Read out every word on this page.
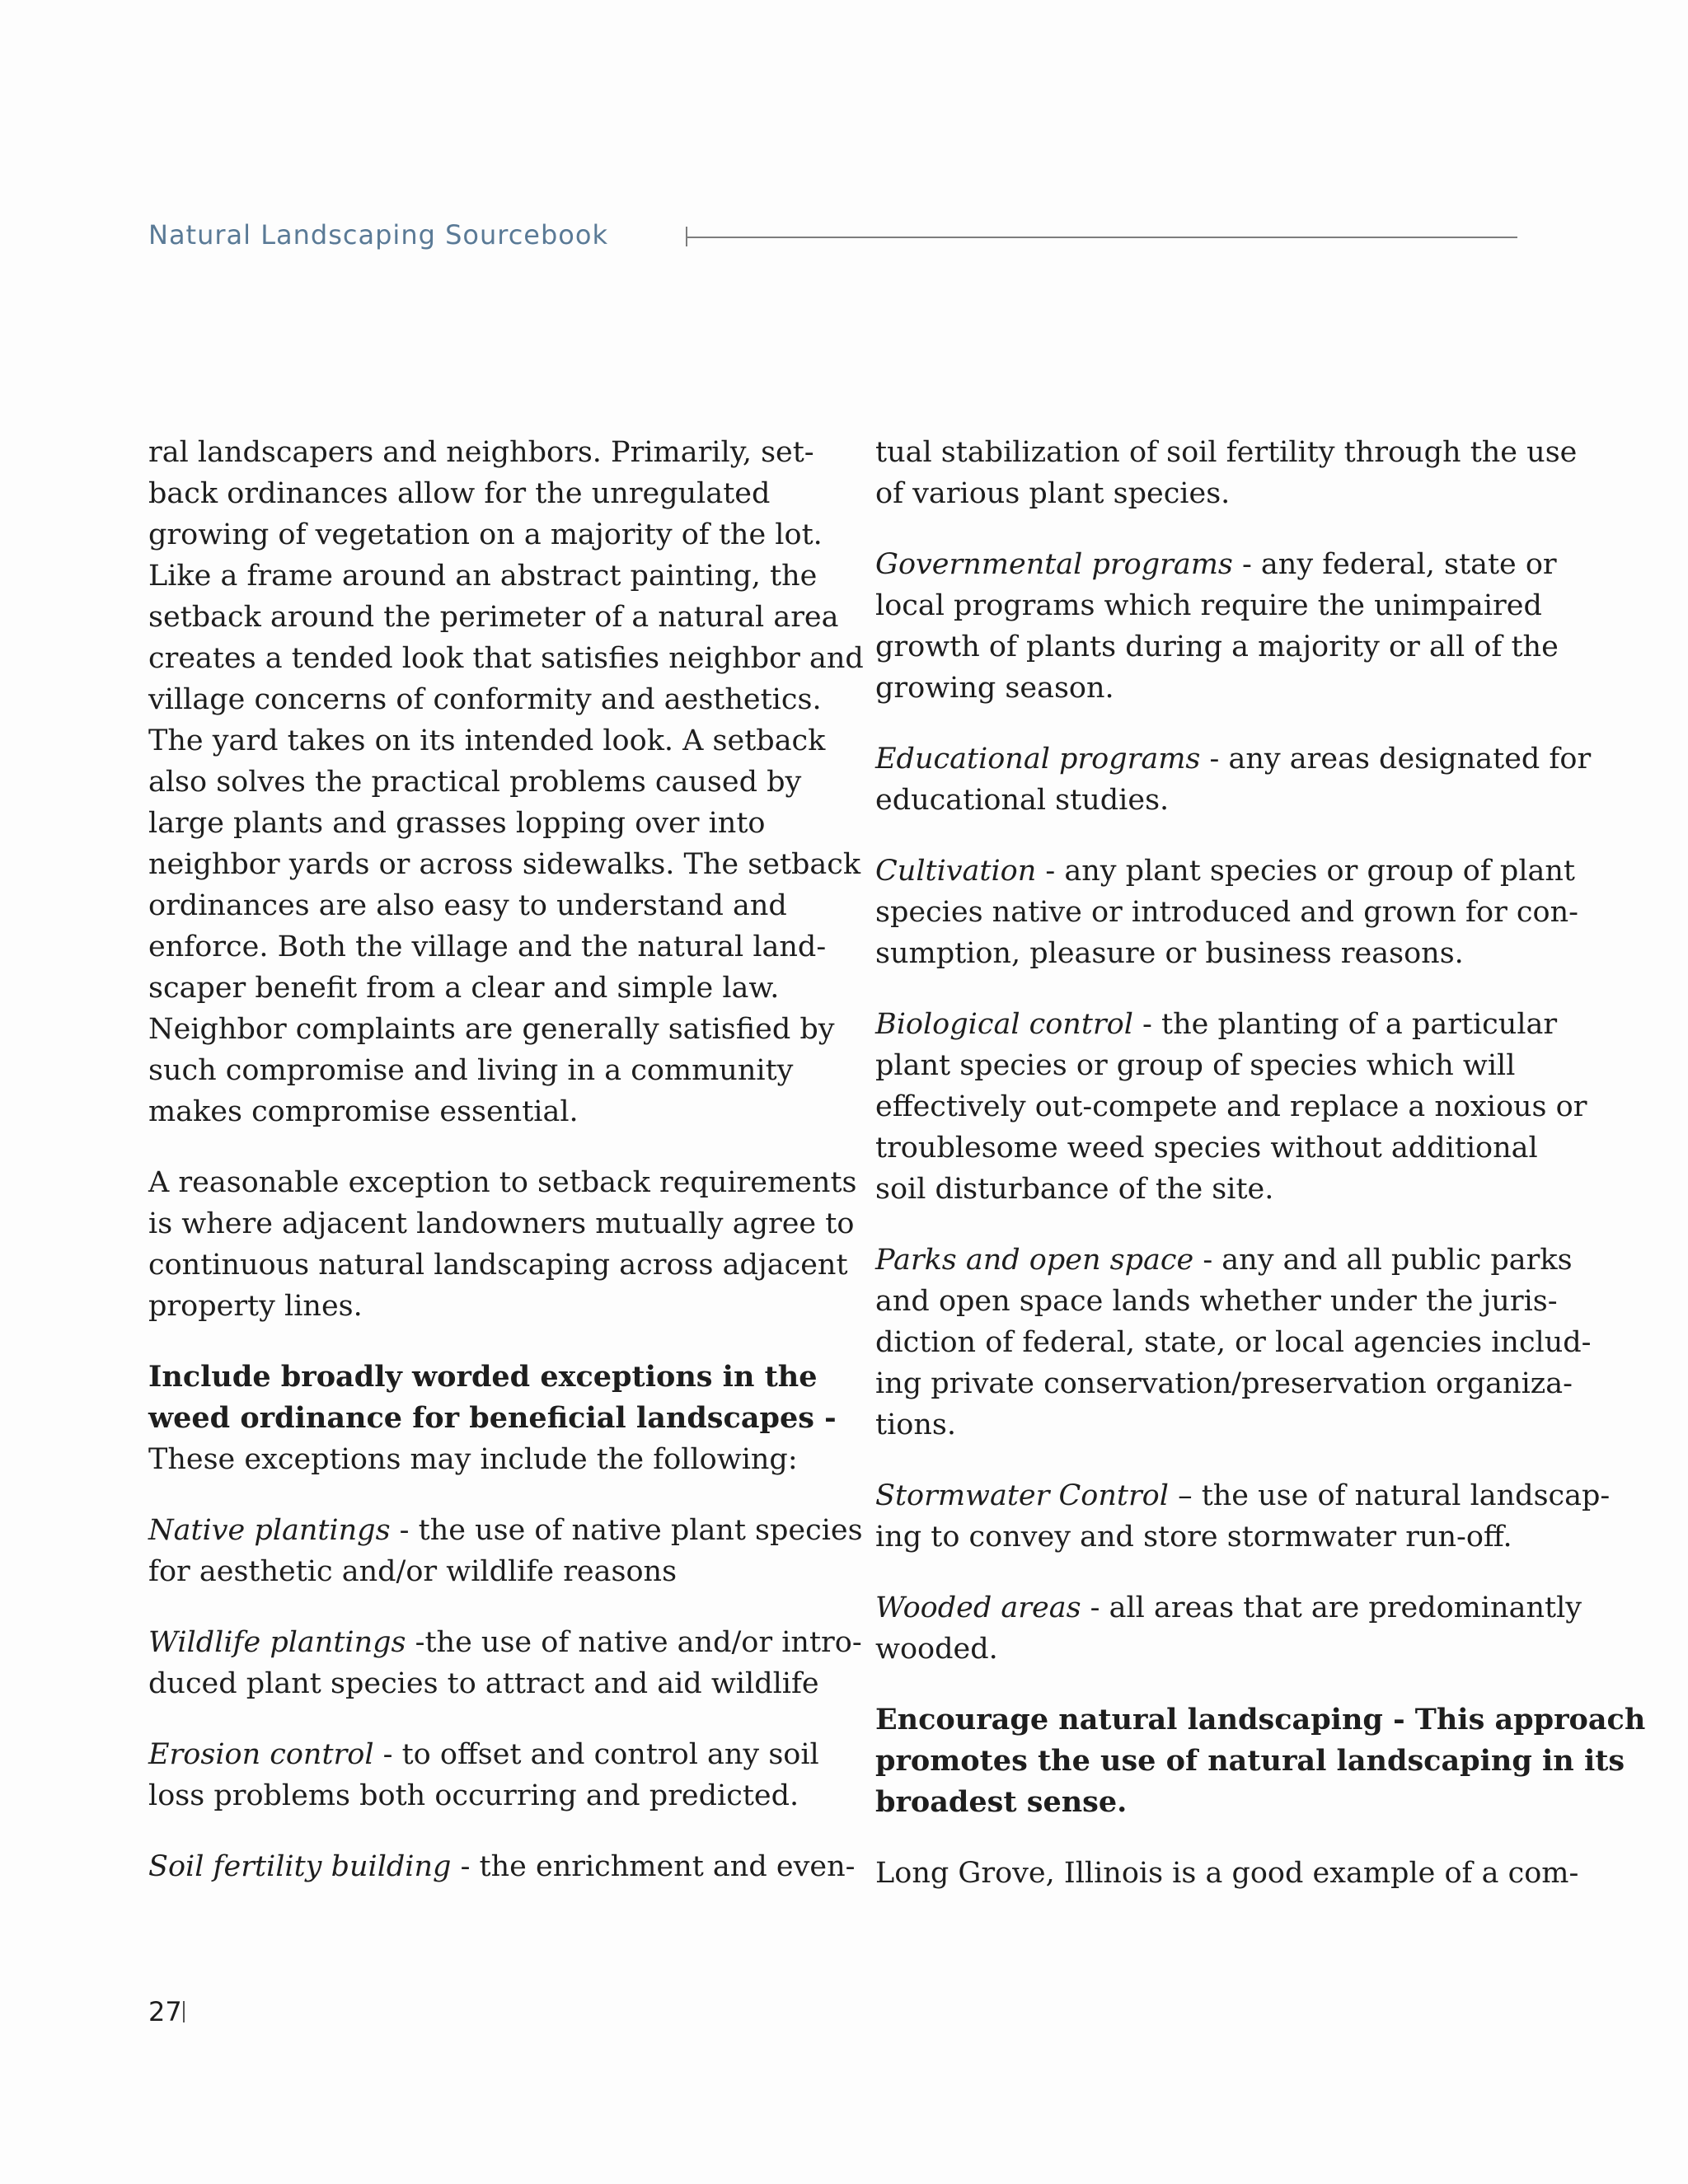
Natural Landscaping Sourcebook

ral landscapers and neighbors. Primarily, set-
back ordinances allow for the unregulated
growing of vegetation on a majority of the lot.
Like a frame around an abstract painting, the
setback around the perimeter of a natural area
creates a tended look that satisfies neighbor and
village concerns of conformity and aesthetics.
The yard takes on its intended look. A setback
also solves the practical problems caused by
large plants and grasses lopping over into
neighbor yards or across sidewalks. The setback
ordinances are also easy to understand and
enforce. Both the village and the natural land-
scaper benefit from a clear and simple law.
Neighbor complaints are generally satisfied by
such compromise and living in a community
makes compromise essential.

A reasonable exception to setback requirements
is where adjacent landowners mutually agree to
continuous natural landscaping across adjacent
property lines.

Include broadly worded exceptions in the
weed ordinance for beneficial landscapes -
These exceptions may include the following:

Native plantings - the use of native plant species
for aesthetic and/or wildlife reasons

Wildlife plantings -the use of native and/or intro-
duced plant species to attract and aid wildlife

Erosion control - to offset and control any soil
loss problems both occurring and predicted.

Soil fertility building - the enrichment and even-

tual stabilization of soil fertility through the use
of various plant species.

Governmental programs - any federal, state or
local programs which require the unimpaired
growth of plants during a majority or all of the
growing season.

Educational programs - any areas designated for
educational studies.

Cultivation - any plant species or group of plant
species native or introduced and grown for con-
sumption, pleasure or business reasons.

Biological control - the planting of a particular
plant species or group of species which will
effectively out-compete and replace a noxious or
troublesome weed species without additional
soil disturbance of the site.

Parks and open space - any and all public parks
and open space lands whether under the juris-
diction of federal, state, or local agencies includ-
ing private conservation/preservation organiza-
tions.

Stormwater Control – the use of natural landscap-
ing to convey and store stormwater run-off.

Wooded areas - all areas that are predominantly
wooded.

Encourage natural landscaping - This approach
promotes the use of natural landscaping in its
broadest sense.

Long Grove, Illinois is a good example of a com-

27
